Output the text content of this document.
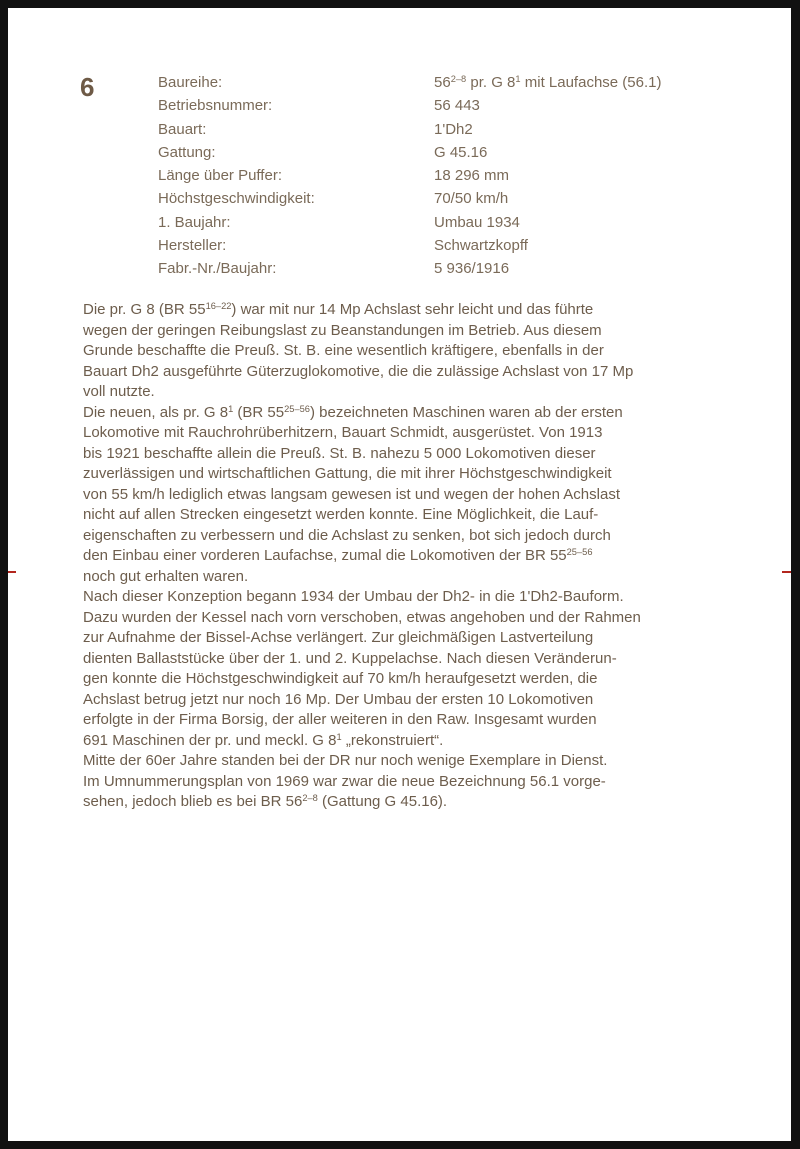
6	Baureihe:	56$^{2-8}$ pr. G $8^1$ mit Laufachse (56.1)
Betriebsnummer:	56 443
Bauart:	1'Dh2
Gattung:	G 45.16
Länge über Puffer:	18 296 mm
Höchstgeschwindigkeit:	70/50 km/h
1. Baujahr:	Umbau 1934
Hersteller:	Schwartzkopff
Fabr.-Nr./Baujahr:	5 936/1916
Die pr. G 8 (BR 55$^{16-22}$) war mit nur 14 Mp Achslast sehr leicht und das führte
wegen der geringen Reibungslast zu Beanstandungen im Betrieb. Aus diesem
Grunde beschaffte die Preuß. St. B. eine wesentlich kräftigere, ebenfalls in der
Bauart Dh2 ausgeführte Güterzuglokomotive, die die zulässige Achslast von 17 Mp
voll nutzte.
Die neuen, als pr. G $8^1$ (BR 55$^{25-56}$) bezeichneten Maschinen waren ab der ersten
Lokomotive mit Rauchrohrüberhitzern, Bauart Schmidt, ausgerüstet. Von 1913
bis 1921 beschaffte allein die Preuß. St. B. nahezu 5 000 Lokomotiven dieser
zuverlässigen und wirtschaftlichen Gattung, die mit ihrer Höchstgeschwindigkeit
von 55 km/h lediglich etwas langsam gewesen ist und wegen der hohen Achslast
nicht auf allen Strecken eingesetzt werden konnte. Eine Möglichkeit, die Lauf-
eigenschaften zu verbessern und die Achslast zu senken, bot sich jedoch durch
den Einbau einer vorderen Laufachse, zumal die Lokomotiven der BR 55$^{25-56}$
noch gut erhalten waren.
Nach dieser Konzeption begann 1934 der Umbau der Dh2- in die 1'Dh2-Bauform.
Dazu wurden der Kessel nach vorn verschoben, etwas angehoben und der Rahmen
zur Aufnahme der Bissel-Achse verlängert. Zur gleichmäßigen Lastverteilung
dienten Ballaststücke über der 1. und 2. Kuppelachse. Nach diesen Veränderun-
gen konnte die Höchstgeschwindigkeit auf 70 km/h heraufgesetzt werden, die
Achslast betrug jetzt nur noch 16 Mp. Der Umbau der ersten 10 Lokomotiven
erfolgte in der Firma Borsig, der aller weiteren in den Raw. Insgesamt wurden
691 Maschinen der pr. und meckl. G $8^1$ „rekonstruiert“.
Mitte der 60er Jahre standen bei der DR nur noch wenige Exemplare in Dienst.
Im Umnummerungsplan von 1969 war zwar die neue Bezeichnung 56.1 vorge-
sehen, jedoch blieb es bei BR 56$^{2-8}$ (Gattung G 45.16).
